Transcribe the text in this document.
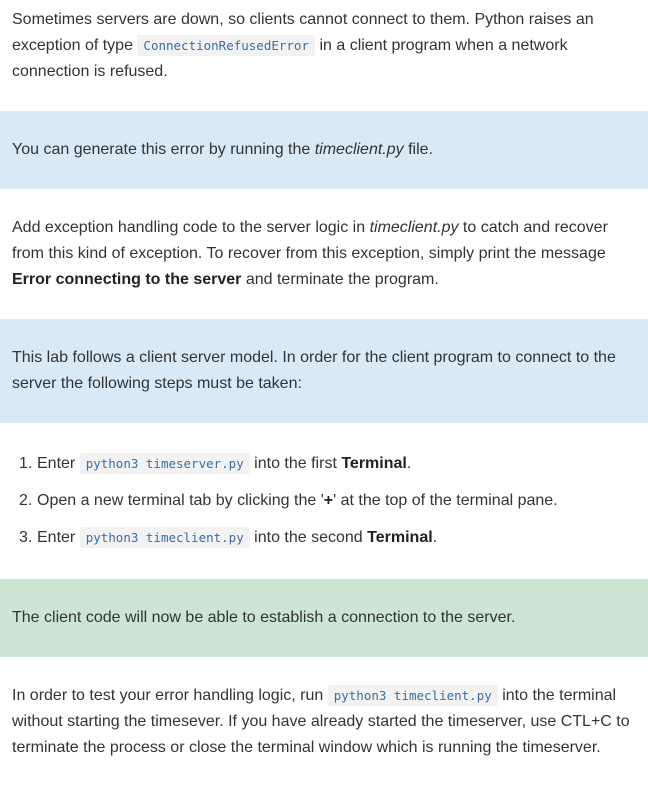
Sometimes servers are down, so clients cannot connect to them. Python raises an exception of type ConnectionRefusedError in a client program when a network connection is refused.

You can generate this error by running the timeclient.py file.

Add exception handling code to the server logic in timeclient.py to catch and recover from this kind of exception. To recover from this exception, simply print the message Error connecting to the server and terminate the program.

This lab follows a client server model. In order for the client program to connect to the server the following steps must be taken:
1. Enter python3 timeserver.py into the first Terminal.
2. Open a new terminal tab by clicking the '+' at the top of the terminal pane.
3. Enter python3 timeclient.py into the second Terminal.
The client code will now be able to establish a connection to the server.

In order to test your error handling logic, run python3 timeclient.py into the terminal without starting the timesever. If you have already started the timeserver, use CTL+C to terminate the process or close the terminal window which is running the timeserver.
